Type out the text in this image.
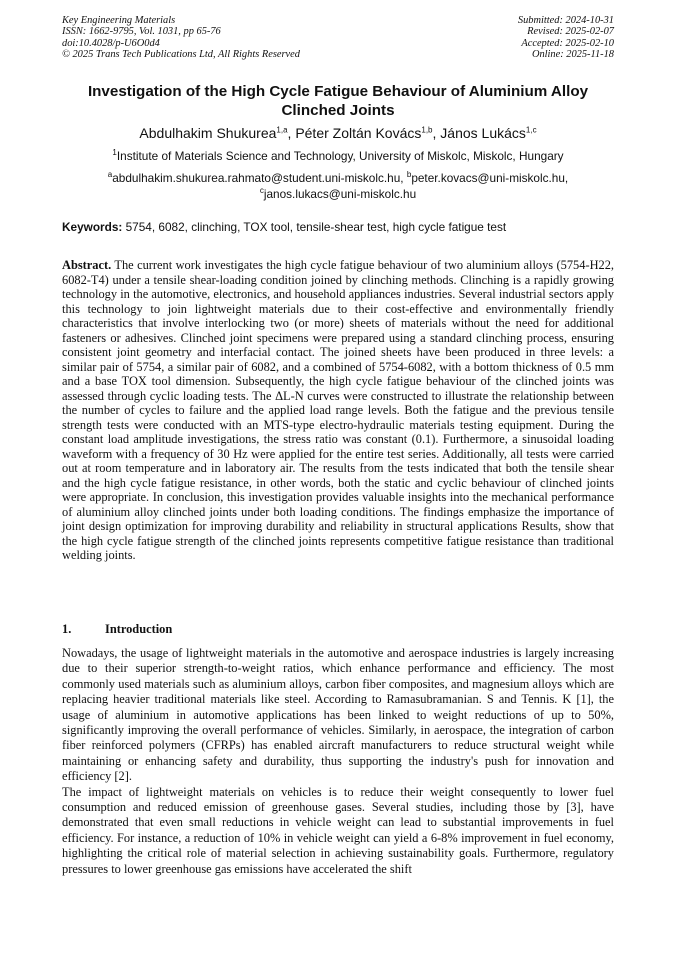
Key Engineering Materials
ISSN: 1662-9795, Vol. 1031, pp 65-76
doi:10.4028/p-U6O0d4
© 2025 Trans Tech Publications Ltd, All Rights Reserved
Submitted: 2024-10-31
Revised: 2025-02-07
Accepted: 2025-02-10
Online: 2025-11-18
Investigation of the High Cycle Fatigue Behaviour of Aluminium Alloy Clinched Joints
Abdulhakim Shukurea$^{1,a}$, Péter Zoltán Kovács$^{1,b}$, János Lukács$^{1,c}$
$^1$Institute of Materials Science and Technology, University of Miskolc, Miskolc, Hungary
$^a$abdulhakim.shukurea.rahmato@student.uni-miskolc.hu, $^b$peter.kovacs@uni-miskolc.hu,
$^c$janos.lukacs@uni-miskolc.hu
Keywords: 5754, 6082, clinching, TOX tool, tensile-shear test, high cycle fatigue test
Abstract. The current work investigates the high cycle fatigue behaviour of two aluminium alloys (5754-H22, 6082-T4) under a tensile shear-loading condition joined by clinching methods. Clinching is a rapidly growing technology in the automotive, electronics, and household appliances industries. Several industrial sectors apply this technology to join lightweight materials due to their cost-effective and environmentally friendly characteristics that involve interlocking two (or more) sheets of materials without the need for additional fasteners or adhesives. Clinched joint specimens were prepared using a standard clinching process, ensuring consistent joint geometry and interfacial contact. The joined sheets have been produced in three levels: a similar pair of 5754, a similar pair of 6082, and a combined of 5754-6082, with a bottom thickness of 0.5 mm and a base TOX tool dimension. Subsequently, the high cycle fatigue behaviour of the clinched joints was assessed through cyclic loading tests. The ΔL-N curves were constructed to illustrate the relationship between the number of cycles to failure and the applied load range levels. Both the fatigue and the previous tensile strength tests were conducted with an MTS-type electro-hydraulic materials testing equipment. During the constant load amplitude investigations, the stress ratio was constant (0.1). Furthermore, a sinusoidal loading waveform with a frequency of 30 Hz were applied for the entire test series. Additionally, all tests were carried out at room temperature and in laboratory air. The results from the tests indicated that both the tensile shear and the high cycle fatigue resistance, in other words, both the static and cyclic behaviour of clinched joints were appropriate. In conclusion, this investigation provides valuable insights into the mechanical performance of aluminium alloy clinched joints under both loading conditions. The findings emphasize the importance of joint design optimization for improving durability and reliability in structural applications Results, show that the high cycle fatigue strength of the clinched joints represents competitive fatigue resistance than traditional welding joints.
1.	Introduction

Nowadays, the usage of lightweight materials in the automotive and aerospace industries is largely increasing due to their superior strength-to-weight ratios, which enhance performance and efficiency. The most commonly used materials such as aluminium alloys, carbon fiber composites, and magnesium alloys which are replacing heavier traditional materials like steel. According to Ramasubramanian. S and Tennis. K [1], the usage of aluminium in automotive applications has been linked to weight reductions of up to 50%, significantly improving the overall performance of vehicles. Similarly, in aerospace, the integration of carbon fiber reinforced polymers (CFRPs) has enabled aircraft manufacturers to reduce structural weight while maintaining or enhancing safety and durability, thus supporting the industry's push for innovation and efficiency [2].

The impact of lightweight materials on vehicles is to reduce their weight consequently to lower fuel consumption and reduced emission of greenhouse gases. Several studies, including those by [3], have demonstrated that even small reductions in vehicle weight can lead to substantial improvements in fuel efficiency. For instance, a reduction of 10% in vehicle weight can yield a 6-8% improvement in fuel economy, highlighting the critical role of material selection in achieving sustainability goals. Furthermore, regulatory pressures to lower greenhouse gas emissions have accelerated the shift
